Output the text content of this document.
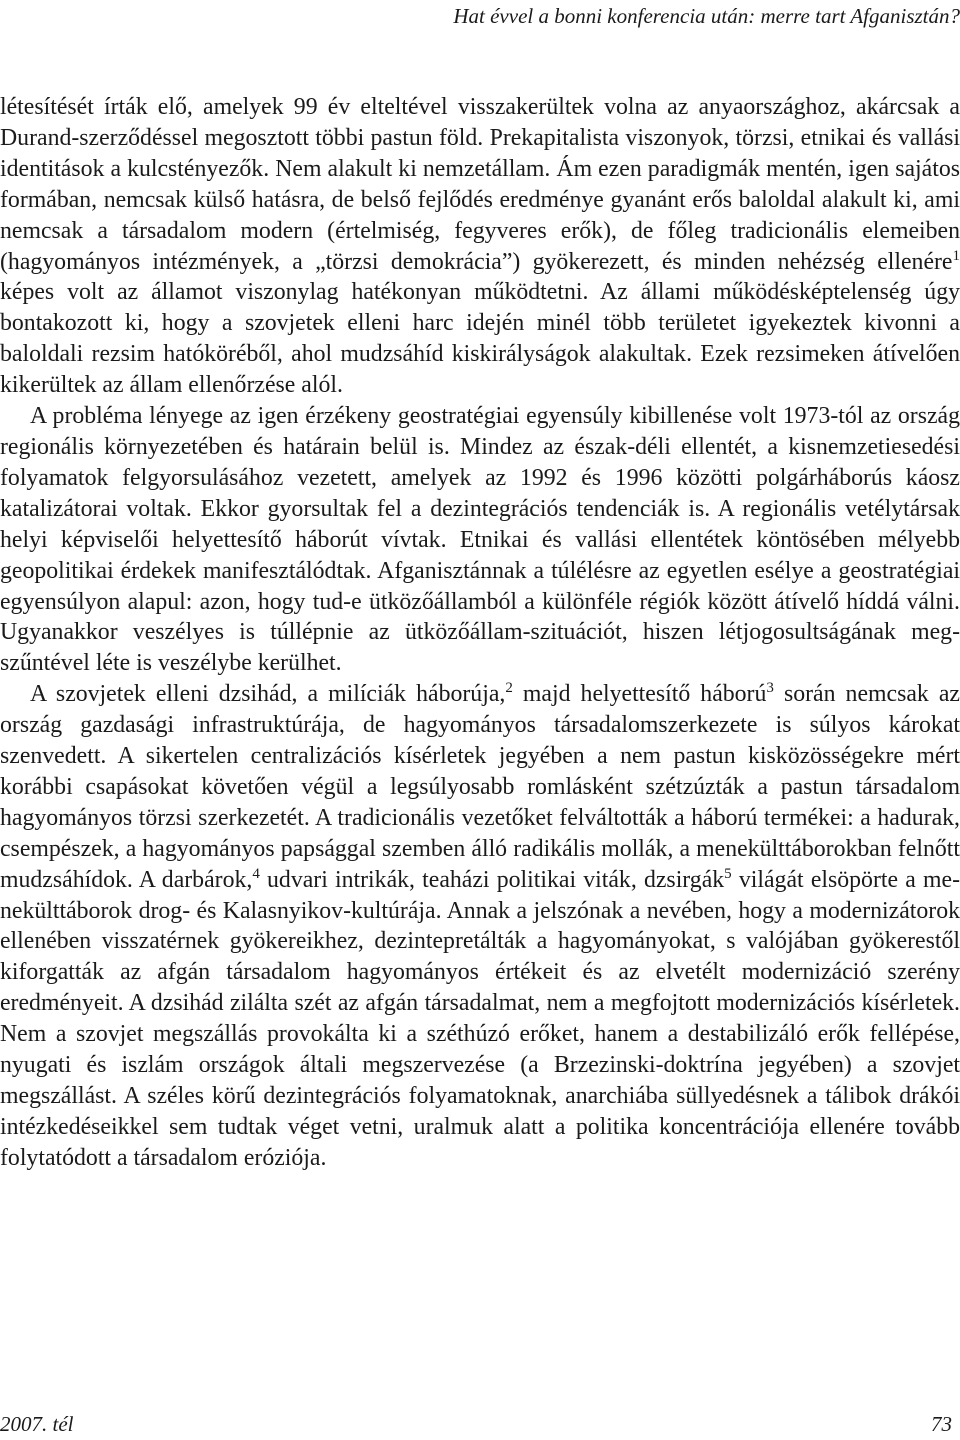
Hat évvel a bonni konferencia után: merre tart Afganisztán?

létesítését írták elő, amelyek 99 év elteltével visszakerültek volna az anyaországhoz, akárcsak a Durand-szerződéssel megosztott többi pastun föld. Prekapitalista viszonyok, törzsi, etnikai és vallási identitások a kulcstényezők. Nem alakult ki nemzetállam. Ám ezen paradigmák mentén, igen sajátos formában, nemcsak külső hatásra, de belső fejlődés eredménye gyanánt erős baloldal alakult ki, ami nemcsak a társadalom modern (értelmiség, fegyveres erők), de főleg tradicionális elemeiben (hagyományos intézmények, a „törzsi demokrácia”) gyökerezett, és minden nehézség ellenére$^1$ képes volt az államot viszonylag hatékonyan működtetni. Az állami működésképtelenség úgy bontakozott ki, hogy a szovjetek elleni harc idején minél több területet igyekeztek kivonni a baloldali rezsim hatóköréből, ahol mudzsáhíd kiskirályságok alakultak. Ezek rezsimeken átívelően kikerültek az állam ellenőrzése alól.

A probléma lényege az igen érzékeny geostratégiai egyensúly kibillenése volt 1973-tól az ország regionális környezetében és határain belül is. Mindez az észak-déli ellentét, a kisnemzetiesedési folyamatok felgyorsulásához vezetett, amelyek az 1992 és 1996 közötti polgárháborús káosz katalizátorai voltak. Ekkor gyorsultak fel a dezintegrációs tendenciák is. A regionális vetélytársak helyi képviselői helyettesítő háborút vívtak. Etnikai és vallási ellentétek köntösében mélyebb geopolitikai érdekek manifesztálódtak. Afganisztánnak a túlélésre az egyetlen esélye a geostratégiai egyensúlyon alapul: azon, hogy tud-e ütközőállamból a különféle régiók között átívelő híddá válni. Ugyanakkor veszélyes is túllépnie az ütközőállam-szituációt, hiszen létjogosultságának megszűntével léte is veszélybe kerülhet.

A szovjetek elleni dzsihád, a milíciák háborúja,$^2$ majd helyettesítő háború$^3$ során nemcsak az ország gazdasági infrastruktúrája, de hagyományos társadalomszerkezete is súlyos károkat szenvedett. A sikertelen centralizációs kísérletek jegyében a nem pastun kisközösségekre mért korábbi csapásokat követően végül a legsúlyosabb romlásként szétzúzták a pastun társadalom hagyományos törzsi szerkezetét. A tradicionális vezetőket felváltották a háború termékei: a hadurak, csempészek, a hagyományos papsággal szemben álló radikális mollák, a menekülttáborokban felnőtt mudzsáhídok. A darbárok,$^4$ udvari intrikák, teaházi politikai viták, dzsirgák$^5$ világát elsöpörte a menekülttáborok drog- és Kalasnyikov-kultúrája. Annak a jelszónak a nevében, hogy a modernizátorok ellenében visszatérnek gyökereikhez, dezintepretálták a hagyományokat, s valójában gyökerestől kiforgatták az afgán társadalom hagyományos értékeit és az elvetélt modernizáció szerény eredményeit. A dzsihád zilálta szét az afgán társadalmat, nem a megfojtott modernizációs kísérletek. Nem a szovjet megszállás provokálta ki a széthúzó erőket, hanem a destabilizáló erők fellépése, nyugati és iszlám országok általi megszervezése (a Brzezinski-doktrína jegyében) a szovjet megszállást. A széles körű dezintegrációs folyamatoknak, anarchiába süllyedésnek a tálibok drákói intézkedéseikkel sem tudtak véget vetni, uralmuk alatt a politika koncentrációja ellenére tovább folytatódott a társadalom eróziója.

2007. tél	73
